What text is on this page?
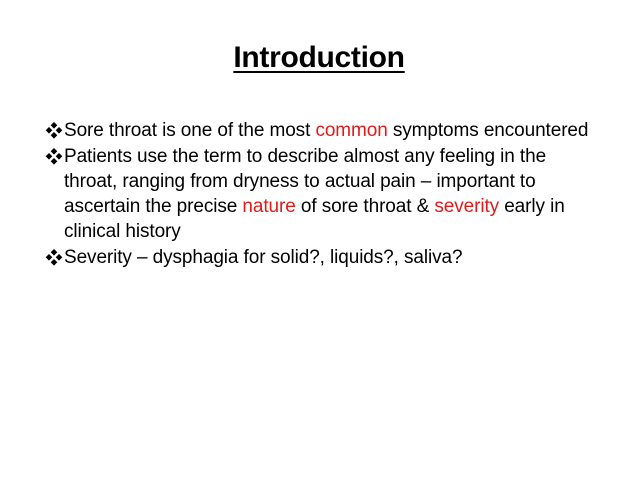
Introduction
Sore throat is one of the most common symptoms encountered
Patients use the term to describe almost any feeling in the throat, ranging from dryness to actual pain – important to ascertain the precise nature of sore throat & severity early in clinical history
Severity – dysphagia for solid?, liquids?, saliva?
